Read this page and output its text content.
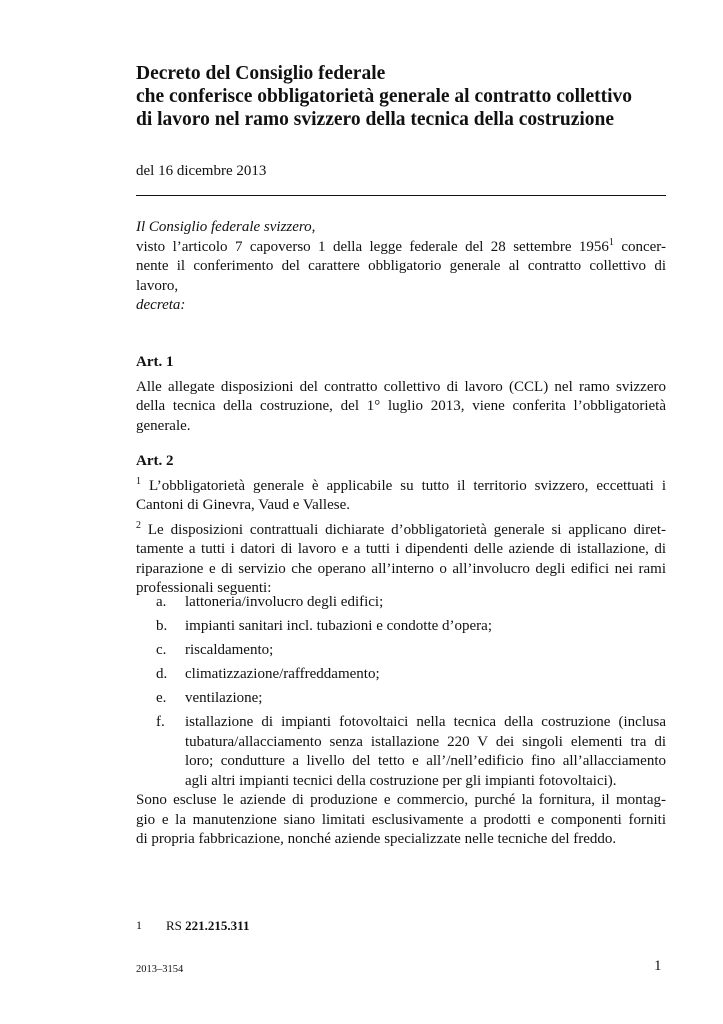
Decreto del Consiglio federale
che conferisce obbligatorietà generale al contratto collettivo
di lavoro nel ramo svizzero della tecnica della costruzione
del 16 dicembre 2013

Il Consiglio federale svizzero,

visto l’articolo 7 capoverso 1 della legge federale del 28 settembre 1956$^1$ concer-
nente il conferimento del carattere obbligatorio generale al contratto collettivo di
lavoro,

decreta:

Art. 1

Alle allegate disposizioni del contratto collettivo di lavoro (CCL) nel ramo svizzero
della tecnica della costruzione, del 1° luglio 2013, viene conferita l’obbligatorietà
generale.

Art. 2

$^1$ L’obbligatorietà generale è applicabile su tutto il territorio svizzero, eccettuati i
Cantoni di Ginevra, Vaud e Vallese.
$^2$ Le disposizioni contrattuali dichiarate d’obbligatorietà generale si applicano diret-
tamente a tutti i datori di lavoro e a tutti i dipendenti delle aziende di istallazione, di
riparazione e di servizio che operano all’interno o all’involucro degli edifici nei rami
professionali seguenti:
a. lattoneria/involucro degli edifici;
b. impianti sanitari incl. tubazioni e condotte d’opera;
c. riscaldamento;
d. climatizzazione/raffreddamento;
e. ventilazione;
f. istallazione di impianti fotovoltaici nella tecnica della costruzione (inclusa
tubatura/allacciamento senza istallazione 220 V dei singoli elementi tra di
loro; condutture a livello del tetto e all’/nell’edificio fino all’allacciamento
agli altri impianti tecnici della costruzione per gli impianti fotovoltaici).
Sono escluse le aziende di produzione e commercio, purché la fornitura, il montag-
gio e la manutenzione siano limitati esclusivamente a prodotti e componenti forniti
di propria fabbricazione, nonché aziende specializzate nelle tecniche del freddo.
1 RS 221.215.311
2013–3154	1
